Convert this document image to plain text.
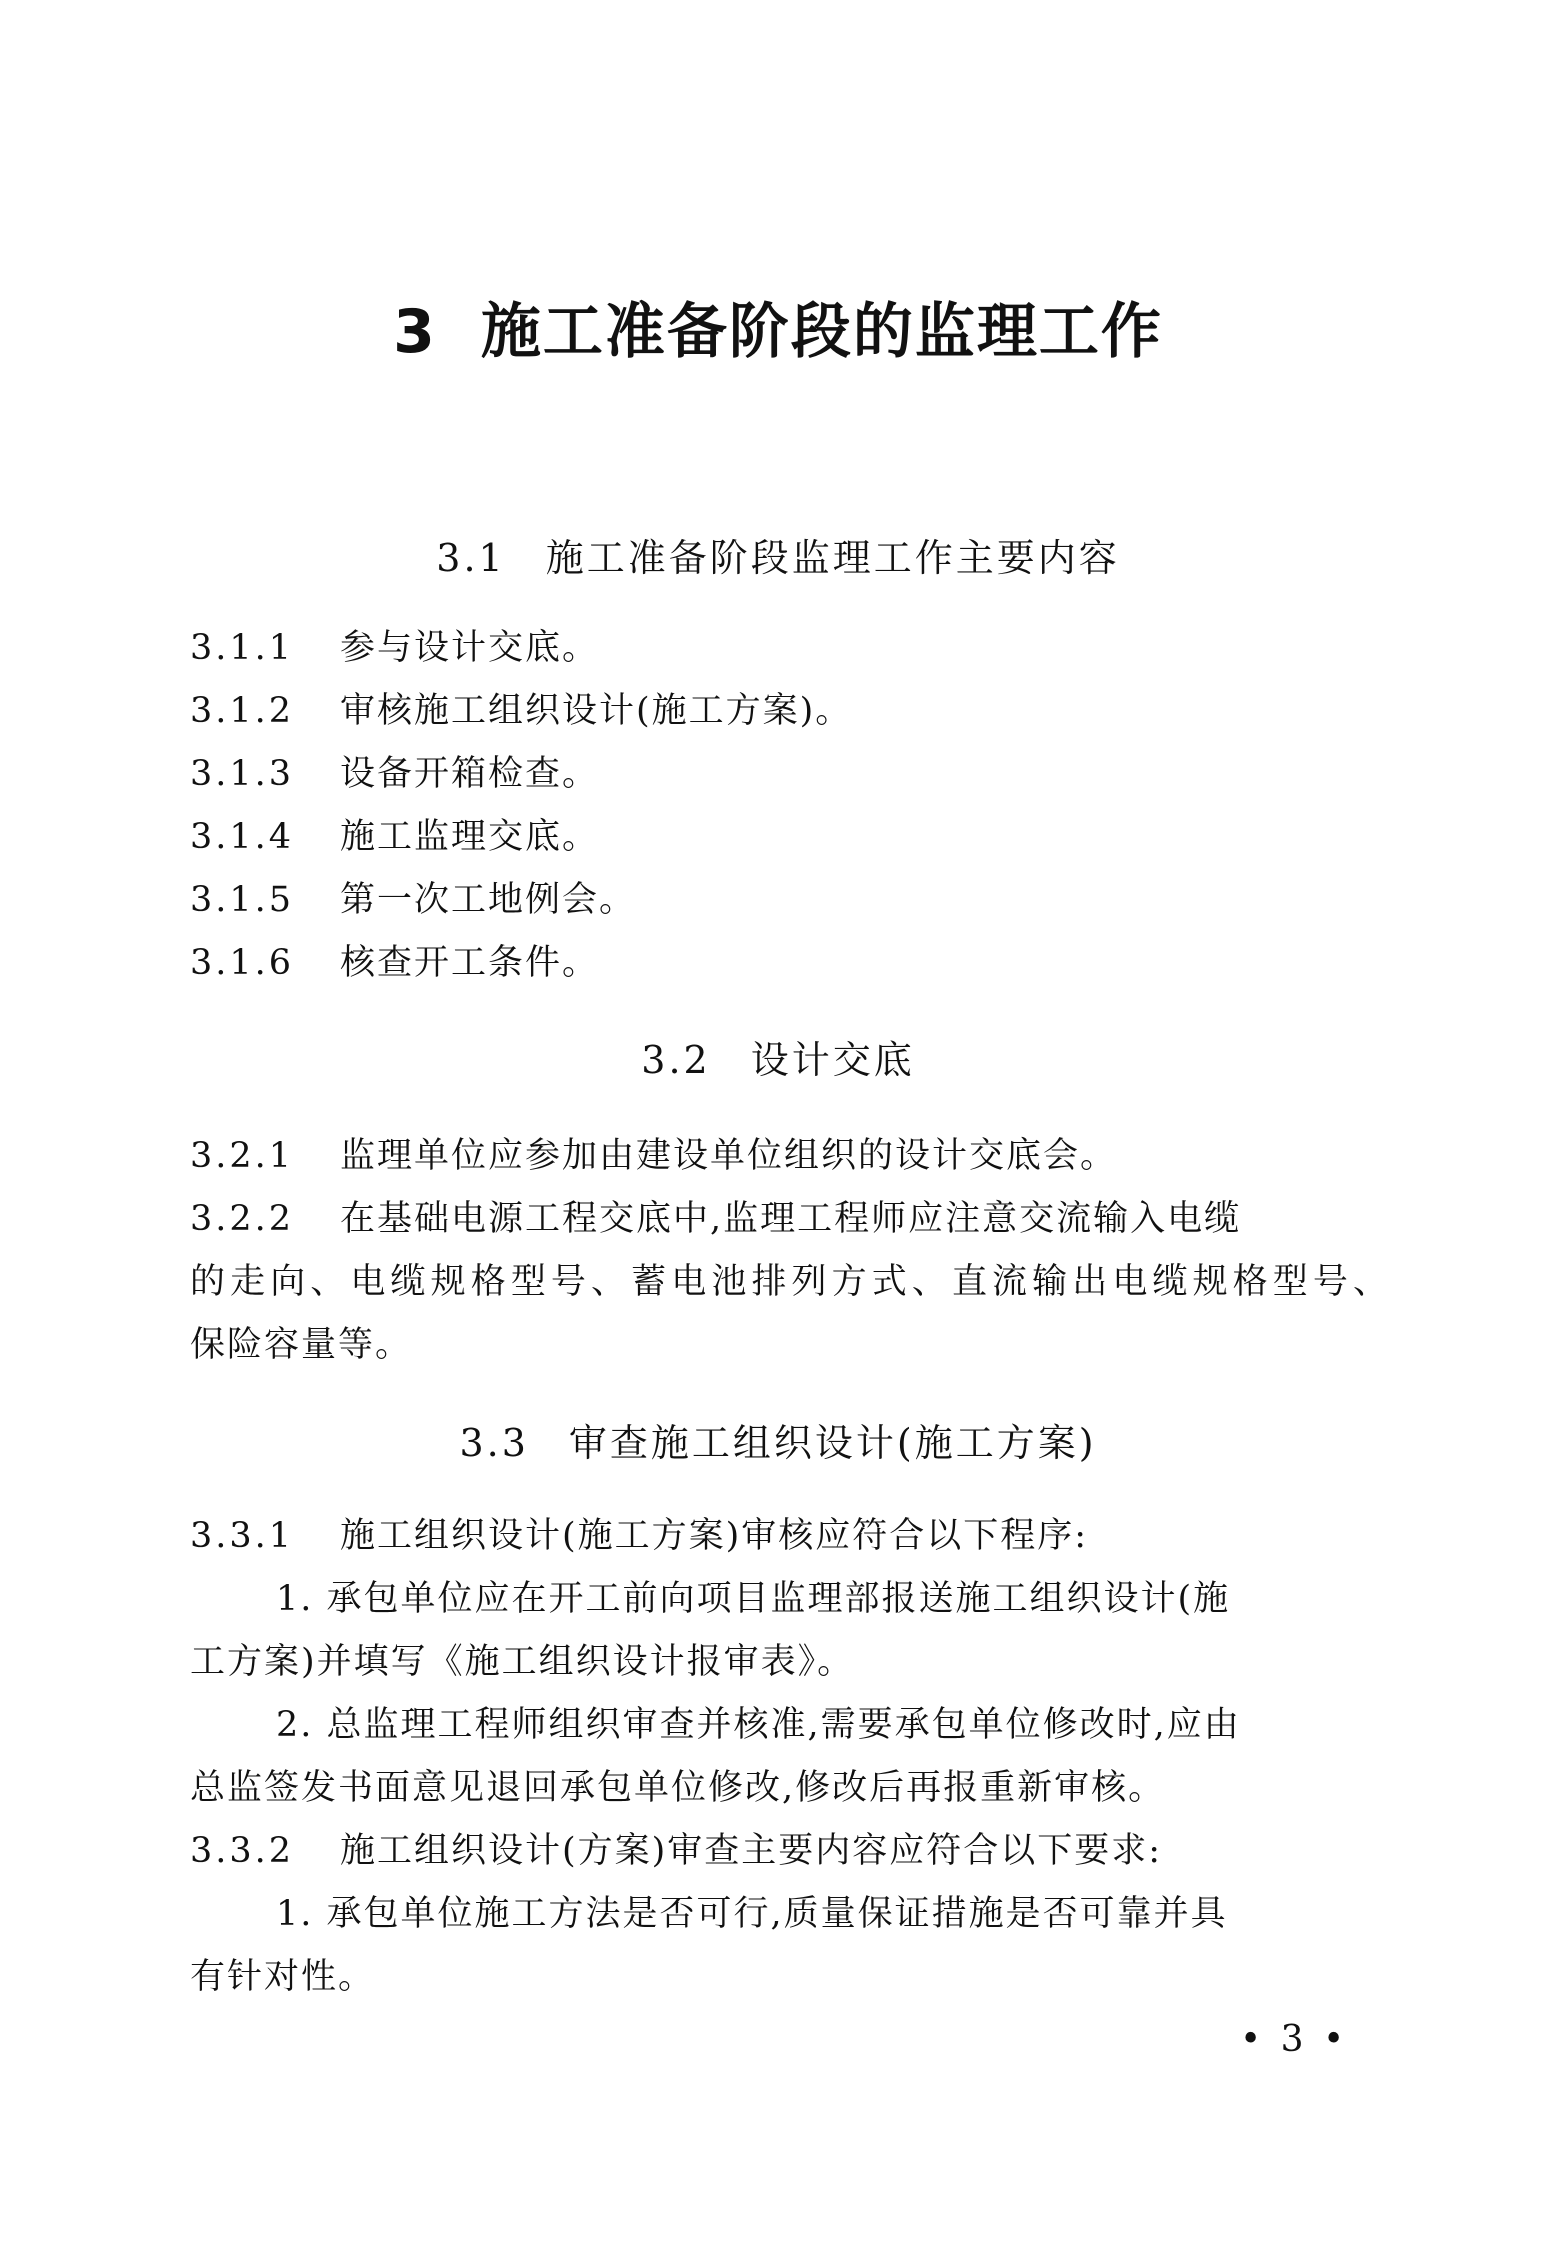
3 施工准备阶段的监理工作
3.1 施工准备阶段监理工作主要内容
3.1.1 参与设计交底。
3.1.2 审核施工组织设计(施工方案)。
3.1.3 设备开箱检查。
3.1.4 施工监理交底。
3.1.5 第一次工地例会。
3.1.6 核查开工条件。
3.2 设计交底
3.2.1 监理单位应参加由建设单位组织的设计交底会。
3.2.2 在基础电源工程交底中,监理工程师应注意交流输入电缆
的走向、电缆规格型号、蓄电池排列方式、直流输出电缆规格型号、
保险容量等。
3.3 审查施工组织设计(施工方案)
3.3.1 施工组织设计(施工方案)审核应符合以下程序:
1. 承包单位应在开工前向项目监理部报送施工组织设计(施
工方案)并填写《施工组织设计报审表》。
2. 总监理工程师组织审查并核准,需要承包单位修改时,应由
总监签发书面意见退回承包单位修改,修改后再报重新审核。
3.3.2 施工组织设计(方案)审查主要内容应符合以下要求:
1. 承包单位施工方法是否可行,质量保证措施是否可靠并具
有针对性。
• 3 •
